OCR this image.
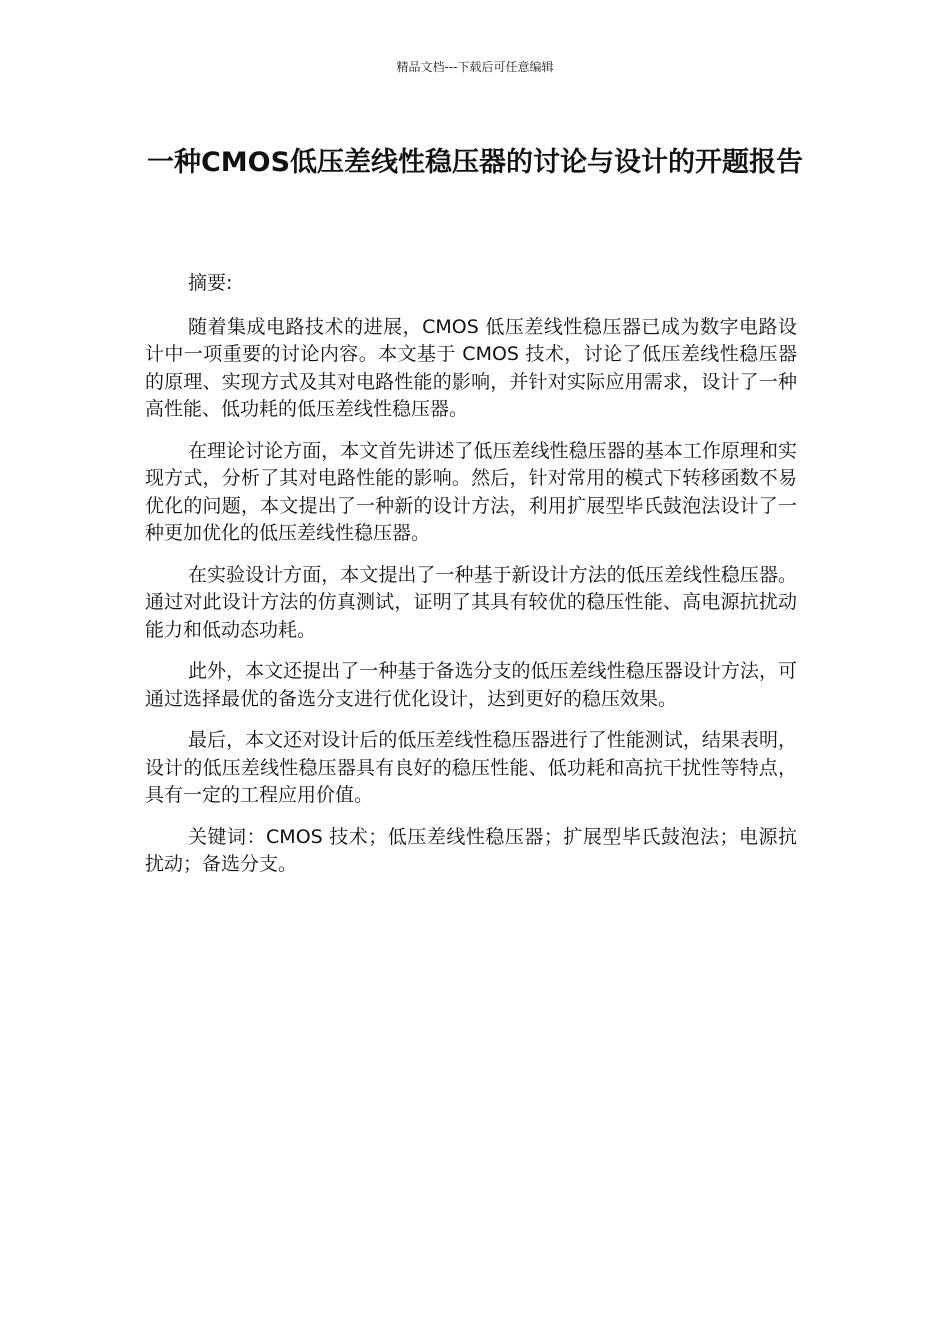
精品文档---下载后可任意编辑
一种CMOS低压差线性稳压器的讨论与设计的开题报告

摘要:

随着集成电路技术的进展，CMOS 低压差线性稳压器已成为数字电路设计中一项重要的讨论内容。本文基于 CMOS 技术，讨论了低压差线性稳压器的原理、实现方式及其对电路性能的影响，并针对实际应用需求，设计了一种高性能、低功耗的低压差线性稳压器。

在理论讨论方面，本文首先讲述了低压差线性稳压器的基本工作原理和实现方式，分析了其对电路性能的影响。然后，针对常用的模式下转移函数不易优化的问题，本文提出了一种新的设计方法，利用扩展型毕氏鼓泡法设计了一种更加优化的低压差线性稳压器。

在实验设计方面，本文提出了一种基于新设计方法的低压差线性稳压器。通过对此设计方法的仿真测试，证明了其具有较优的稳压性能、高电源抗扰动能力和低动态功耗。

此外，本文还提出了一种基于备选分支的低压差线性稳压器设计方法，可通过选择最优的备选分支进行优化设计，达到更好的稳压效果。

最后，本文还对设计后的低压差线性稳压器进行了性能测试，结果表明，设计的低压差线性稳压器具有良好的稳压性能、低功耗和高抗干扰性等特点，具有一定的工程应用价值。

关键词：CMOS 技术；低压差线性稳压器；扩展型毕氏鼓泡法；电源抗扰动；备选分支。
